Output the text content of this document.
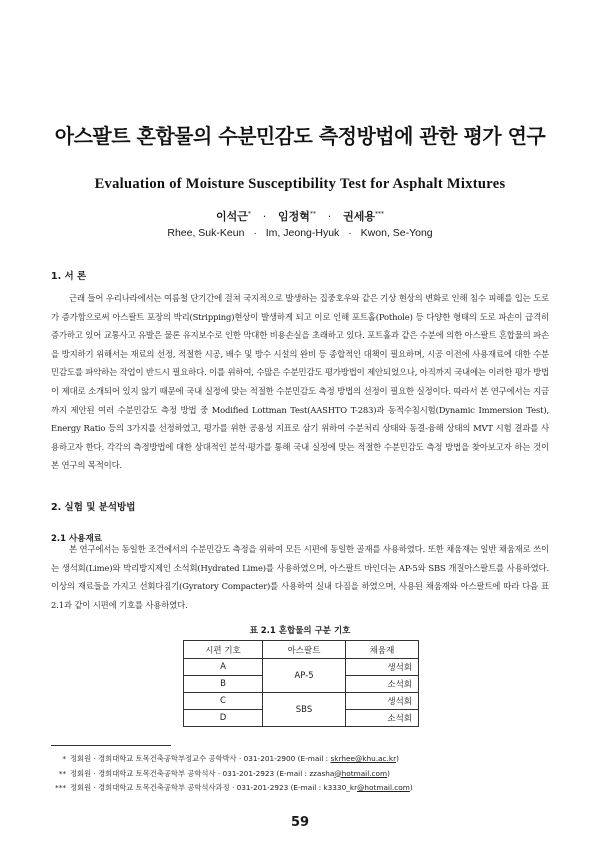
아스팔트 혼합물의 수분민감도 측정방법에 관한 평가 연구
Evaluation of Moisture Susceptibility Test for Asphalt Mixtures
이석근* · 임정혁** · 권세용***
Rhee, Suk-Keun · Im, Jeong-Hyuk · Kwon, Se-Yong
1. 서 론
근래 들어 우리나라에서는 여름철 단기간에 걸쳐 국지적으로 발생하는 집중호우와 같은 기상 현상의 변화로 인해 침수 피해를 입는 도로가 증가함으로써 아스팔트 포장의 박리(Stripping)현상이 발생하게 되고 이로 인해 포트홀(Pothole) 등 다양한 형태의 도로 파손이 급격히 증가하고 있어 교통사고 유발은 물론 유지보수로 인한 막대한 비용손실을 초래하고 있다. 포트홀과 같은 수분에 의한 아스팔트 혼합물의 파손을 방지하기 위해서는 재료의 선정, 적절한 시공, 배수 및 방수 시설의 완비 등 종합적인 대책이 필요하며, 시공 이전에 사용재료에 대한 수분민감도를 파악하는 작업이 반드시 필요하다. 이를 위하여, 수많은 수분민감도 평가방법이 제안되었으나, 아직까지 국내에는 이러한 평가 방법이 제대로 소개되어 있지 않기 때문에 국내 실정에 맞는 적절한 수분민감도 측정 방법의 선정이 필요한 실정이다. 따라서 본 연구에서는 지금까지 제안된 여러 수분민감도 측정 방법 중 Modified Lottman Test(AASHTO T-283)과 동적수침시험(Dynamic Immersion Test), Energy Ratio 등의 3가지를 선정하였고, 평가를 위한 공용성 지표로 삼기 위하여 수분처리 상태와 동결-융해 상태의 MVT 시험 결과를 사용하고자 한다. 각각의 측정방법에 대한 상대적인 분석·평가를 통해 국내 실정에 맞는 적절한 수분민감도 측정 방법을 찾아보고자 하는 것이 본 연구의 목적이다.
2. 실험 및 분석방법
2.1 사용재료
본 연구에서는 동일한 조건에서의 수분민감도 측정을 위하여 모든 시편에 동일한 골재를 사용하였다. 또한 채움재는 일반 채움재로 쓰이는 생석회(Lime)와 박리방지제인 소석회(Hydrated Lime)를 사용하였으며, 아스팔트 바인더는 AP-5와 SBS 개질아스팔트를 사용하였다. 이상의 재료들을 가지고 선회다짐기(Gyratory Compacter)를 사용하여 실내 다짐을 하였으며, 사용된 채움재와 아스팔트에 따라 다음 표 2.1과 같이 시편에 기호를 사용하였다.
표 2.1 혼합물의 구분 기호
시편 기호	아스팔트	채움재
A	AP-5	생석회
B		소석회
C	SBS	생석회
D		소석회
* 정회원 · 경희대학교 토목건축공학부정교수 공학박사 · 031-201-2900 (E-mail : skrhee@khu.ac.kr)
** 정회원 · 경희대학교 토목건축공학부 공학석사 · 031-201-2923 (E-mail : zzasha@hotmail.com)
*** 정회원 · 경희대학교 토목건축공학부 공학석사과정 · 031-201-2923 (E-mail : k3330_kr@hotmail.com)
59
